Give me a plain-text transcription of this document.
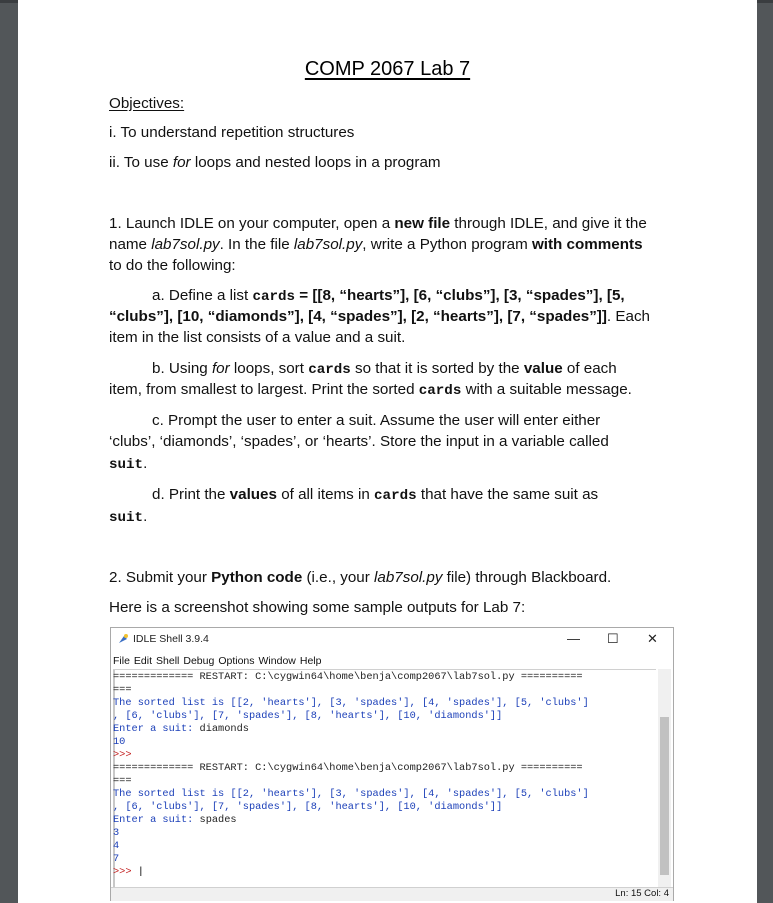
COMP 2067 Lab 7
Objectives:
i. To understand repetition structures
ii. To use for loops and nested loops in a program
1. Launch IDLE on your computer, open a new file through IDLE, and give it the
name lab7sol.py. In the file lab7sol.py, write a Python program with comments
to do the following:
a. Define a list cards = [[8, “hearts”], [6, “clubs”], [3, “spades”], [5,
“clubs”], [10, “diamonds”], [4, “spades”], [2, “hearts”], [7, “spades”]]. Each
item in the list consists of a value and a suit.
b. Using for loops, sort cards so that it is sorted by the value of each
item, from smallest to largest. Print the sorted cards with a suitable message.
c. Prompt the user to enter a suit. Assume the user will enter either
‘clubs’, ‘diamonds’, ‘spades’, or ‘hearts’. Store the input in a variable called
suit.
d. Print the values of all items in cards that have the same suit as
suit.
2. Submit your Python code (i.e., your lab7sol.py file) through Blackboard.
Here is a screenshot showing some sample outputs for Lab 7:
IDLE Shell 3.9.4	— ☐ ✕
File Edit Shell Debug Options Window Help
============= RESTART: C:\cygwin64\home\benja\comp2067\lab7sol.py ==========
===
The sorted list is [[2, 'hearts'], [3, 'spades'], [4, 'spades'], [5, 'clubs']
, [6, 'clubs'], [7, 'spades'], [8, 'hearts'], [10, 'diamonds']]
Enter a suit: diamonds
10
>>>
============= RESTART: C:\cygwin64\home\benja\comp2067\lab7sol.py ==========
===
The sorted list is [[2, 'hearts'], [3, 'spades'], [4, 'spades'], [5, 'clubs']
, [6, 'clubs'], [7, 'spades'], [8, 'hearts'], [10, 'diamonds']]
Enter a suit: spades
3
4
7
>>> |
Ln: 15 Col: 4
